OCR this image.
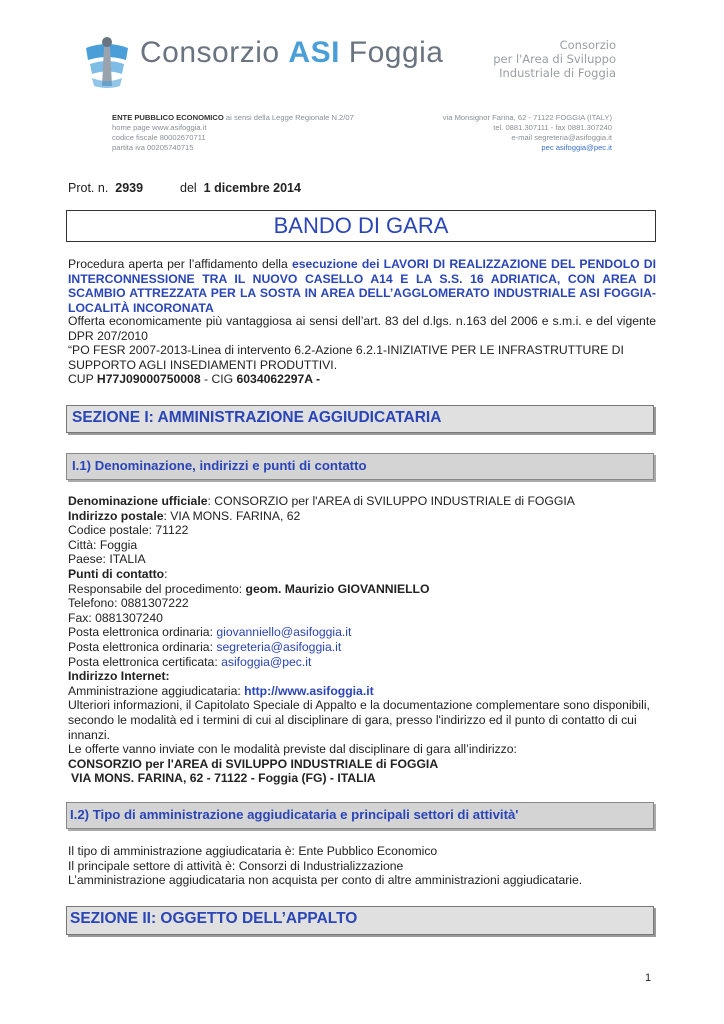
Consorzio ASI Foggia	Consorzio
per l'Area di Sviluppo
Industriale di Foggia
ENTE PUBBLICO ECONOMICO ai sensi della Legge Regionale N.2/07
home page www.asifoggia.it
codice fiscale 80002670711
partita iva 00205740715
via Monsignor Farina, 62 - 71122 FOGGIA (ITALY)
tel. 0881.307111 - fax 0881.307240
e-mail segreteria@asifoggia.it
pec asifoggia@pec.it
Prot. n. 2939	del 1 dicembre 2014
BANDO DI GARA
Procedura aperta per l’affidamento della esecuzione dei LAVORI DI REALIZZAZIONE DEL PENDOLO DI INTERCONNESSIONE TRA IL NUOVO CASELLO A14 E LA S.S. 16 ADRIATICA, CON AREA DI SCAMBIO ATTREZZATA PER LA SOSTA IN AREA DELL’AGGLOMERATO INDUSTRIALE ASI FOGGIA- LOCALITÀ INCORONATA
Offerta economicamente più vantaggiosa ai sensi dell’art. 83 del d.lgs. n.163 del 2006 e s.m.i. e del vigente DPR 207/2010
“PO FESR 2007-2013-Linea di intervento 6.2-Azione 6.2.1-INIZIATIVE PER LE INFRASTRUTTURE DI SUPPORTO AGLI INSEDIAMENTI PRODUTTIVI.
CUP H77J09000750008 - CIG 6034062297A -
SEZIONE I: AMMINISTRAZIONE AGGIUDICATARIA
I.1) Denominazione, indirizzi e punti di contatto
Denominazione ufficiale: CONSORZIO per l'AREA di SVILUPPO INDUSTRIALE di FOGGIA
Indirizzo postale: VIA MONS. FARINA, 62
Codice postale: 71122
Città: Foggia
Paese: ITALIA
Punti di contatto:
Responsabile del procedimento: geom. Maurizio GIOVANNIELLO
Telefono: 0881307222
Fax: 0881307240
Posta elettronica ordinaria: giovanniello@asifoggia.it
Posta elettronica ordinaria: segreteria@asifoggia.it
Posta elettronica certificata: asifoggia@pec.it
Indirizzo Internet:
Amministrazione aggiudicataria: http://www.asifoggia.it
Ulteriori informazioni, il Capitolato Speciale di Appalto e la documentazione complementare sono disponibili, secondo le modalità ed i termini di cui al disciplinare di gara, presso l'indirizzo ed il punto di contatto di cui innanzi.
Le offerte vanno inviate con le modalità previste dal disciplinare di gara all’indirizzo:
CONSORZIO per l'AREA di SVILUPPO INDUSTRIALE di FOGGIA
VIA MONS. FARINA, 62 - 71122 - Foggia (FG) - ITALIA
I.2) Tipo di amministrazione aggiudicataria e principali settori di attività'
Il tipo di amministrazione aggiudicataria è: Ente Pubblico Economico
Il principale settore di attività è: Consorzi di Industrializzazione
L’amministrazione aggiudicataria non acquista per conto di altre amministrazioni aggiudicatarie.
SEZIONE II: OGGETTO DELL’APPALTO
1
